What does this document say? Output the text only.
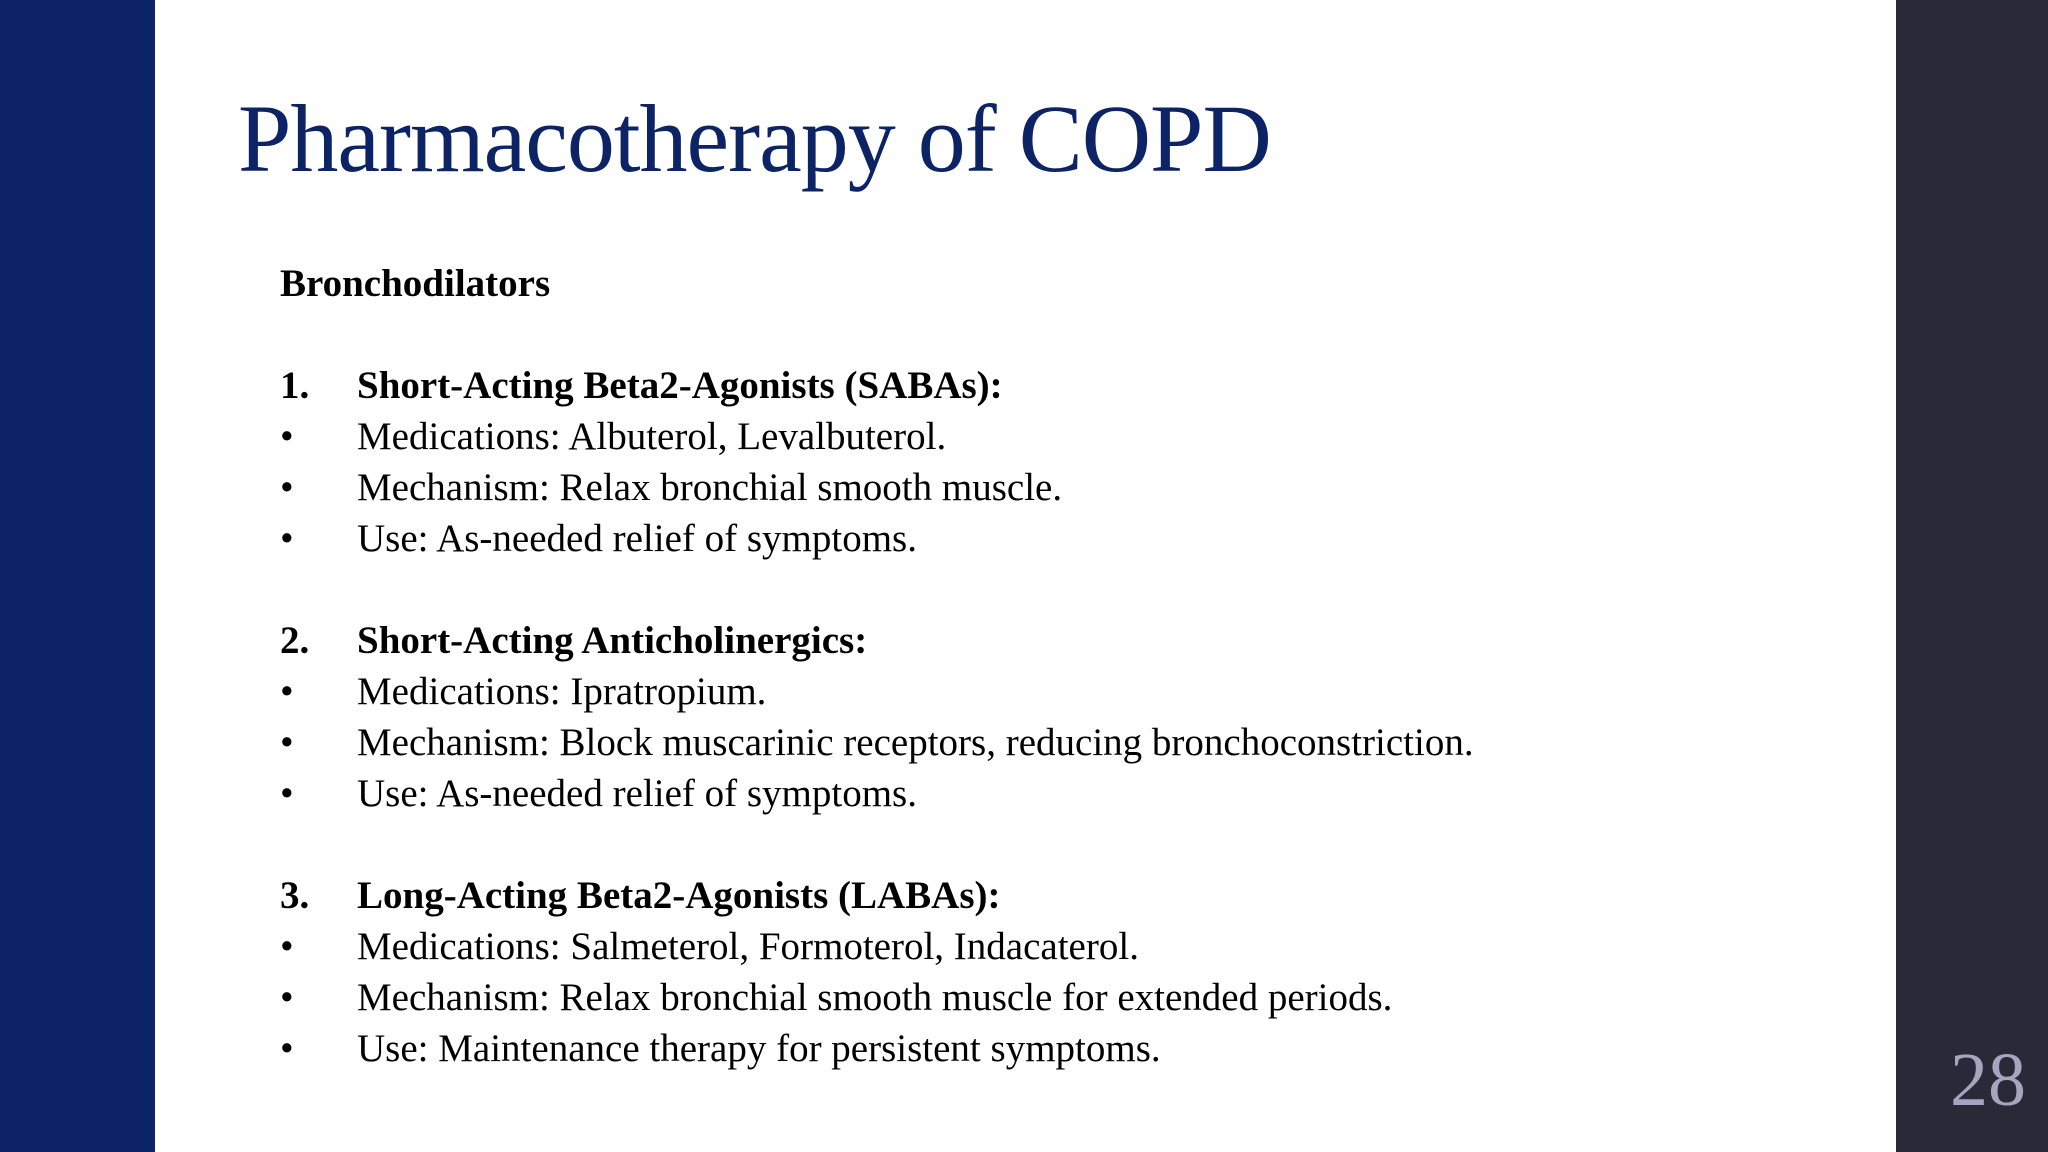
Pharmacotherapy of COPD
Bronchodilators
1.	Short-Acting Beta2-Agonists (SABAs):
•	Medications: Albuterol, Levalbuterol.
•	Mechanism: Relax bronchial smooth muscle.
•	Use: As-needed relief of symptoms.
2.	Short-Acting Anticholinergics:
•	Medications: Ipratropium.
•	Mechanism: Block muscarinic receptors, reducing bronchoconstriction.
•	Use: As-needed relief of symptoms.
3.	Long-Acting Beta2-Agonists (LABAs):
•	Medications: Salmeterol, Formoterol, Indacaterol.
•	Mechanism: Relax bronchial smooth muscle for extended periods.
•	Use: Maintenance therapy for persistent symptoms.	28
